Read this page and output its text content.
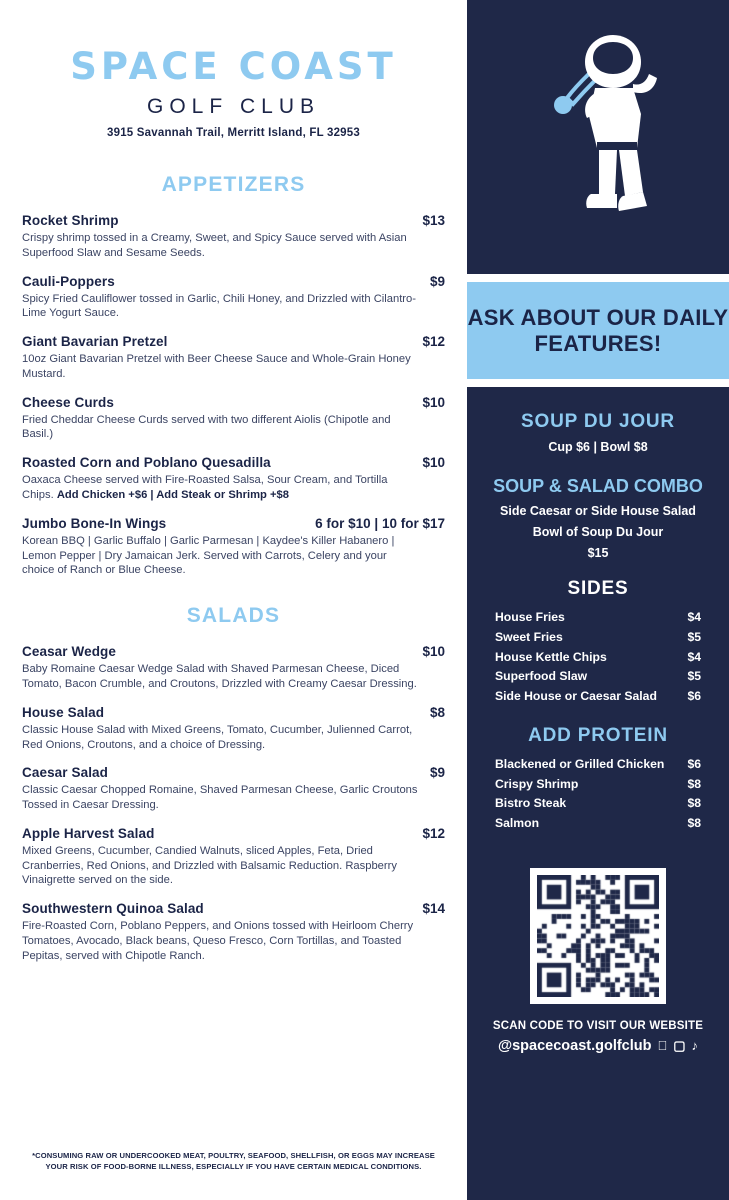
SPACE COAST
GOLF CLUB
3915 Savannah Trail, Merritt Island, FL 32953
APPETIZERS
Rocket Shrimp	$13
Crispy shrimp tossed in a Creamy, Sweet, and Spicy Sauce served with Asian Superfood Slaw and Sesame Seeds.
Cauli-Poppers	$9
Spicy Fried Cauliflower tossed in Garlic, Chili Honey, and Drizzled with Cilantro-Lime Yogurt Sauce.
Giant Bavarian Pretzel	$12
10oz Giant Bavarian Pretzel with Beer Cheese Sauce and Whole-Grain Honey Mustard.
Cheese Curds	$10
Fried Cheddar Cheese Curds served with two different Aiolis (Chipotle and Basil.)
Roasted Corn and Poblano Quesadilla	$10
Oaxaca Cheese served with Fire-Roasted Salsa, Sour Cream, and Tortilla Chips. Add Chicken +$6 | Add Steak or Shrimp +$8
Jumbo Bone-In Wings	6 for $10 | 10 for $17
Korean BBQ | Garlic Buffalo | Garlic Parmesan | Kaydee's Killer Habanero | Lemon Pepper | Dry Jamaican Jerk. Served with Carrots, Celery and your choice of Ranch or Blue Cheese.
SALADS
Ceasar Wedge	$10
Baby Romaine Caesar Wedge Salad with Shaved Parmesan Cheese, Diced Tomato, Bacon Crumble, and Croutons, Drizzled with Creamy Caesar Dressing.
House Salad	$8
Classic House Salad with Mixed Greens, Tomato, Cucumber, Julienned Carrot, Red Onions, Croutons, and a choice of Dressing.
Caesar Salad	$9
Classic Caesar Chopped Romaine, Shaved Parmesan Cheese, Garlic Croutons Tossed in Caesar Dressing.
Apple Harvest Salad	$12
Mixed Greens, Cucumber, Candied Walnuts, sliced Apples, Feta, Dried Cranberries, Red Onions, and Drizzled with Balsamic Reduction. Raspberry Vinaigrette served on the side.
Southwestern Quinoa Salad	$14
Fire-Roasted Corn, Poblano Peppers, and Onions tossed with Heirloom Cherry Tomatoes, Avocado, Black beans, Queso Fresco, Corn Tortillas, and Toasted Pepitas, served with Chipotle Ranch.
*CONSUMING RAW OR UNDERCOOKED MEAT, POULTRY, SEAFOOD, SHELLFISH, OR EGGS MAY INCREASE YOUR RISK OF FOOD-BORNE ILLNESS, ESPECIALLY IF YOU HAVE CERTAIN MEDICAL CONDITIONS.
ASK ABOUT OUR DAILY FEATURES!
SOUP DU JOUR
Cup $6 | Bowl $8
SOUP & SALAD COMBO
Side Caesar or Side House Salad
Bowl of Soup Du Jour
$15
SIDES
House Fries	$4
Sweet Fries	$5
House Kettle Chips	$4
Superfood Slaw	$5
Side House or Caesar Salad	$6
ADD PROTEIN
Blackened or Grilled Chicken $6
Crispy Shrimp	$8
Bistro Steak	$8
Salmon	$8
SCAN CODE TO VISIT OUR WEBSITE
@spacecoast.golfclub	▢ ♪
